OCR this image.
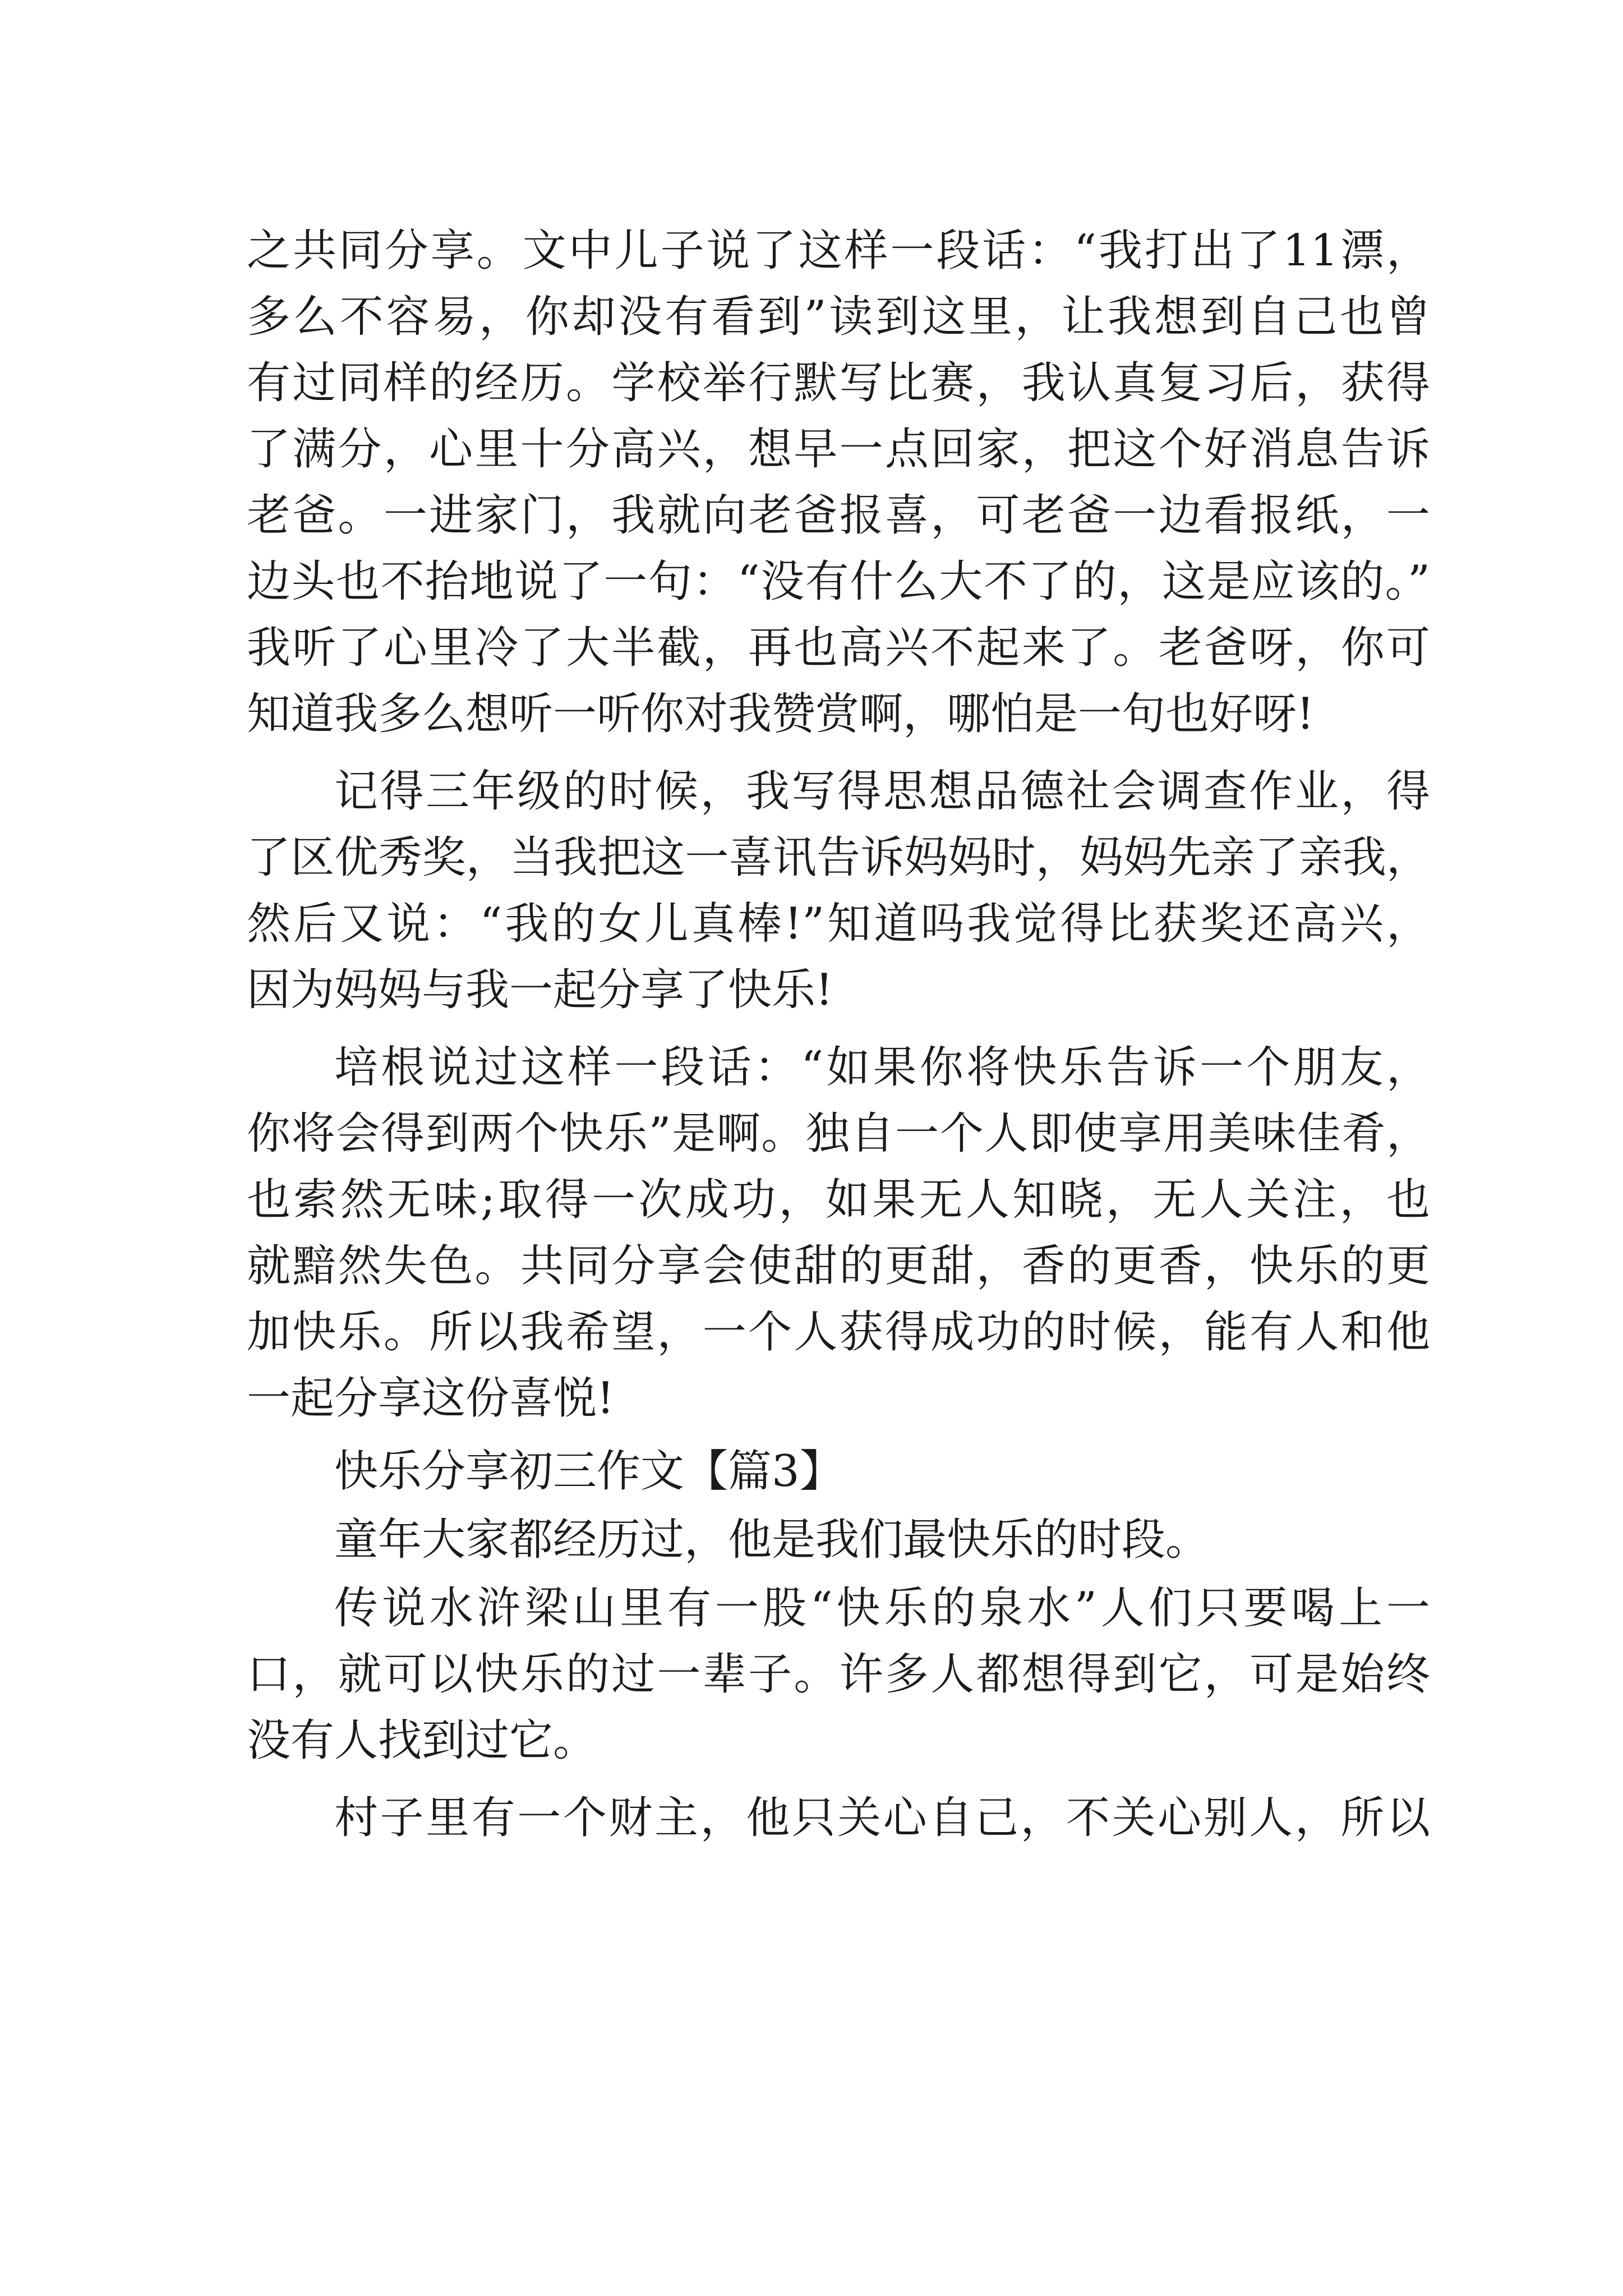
之共同分享。文中儿子说了这样一段话：“我打出了11漂，
多么不容易，你却没有看到”读到这里，让我想到自己也曾
有过同样的经历。学校举行默写比赛，我认真复习后，获得
了满分，心里十分高兴，想早一点回家，把这个好消息告诉
老爸。一进家门，我就向老爸报喜，可老爸一边看报纸，一
边头也不抬地说了一句：“没有什么大不了的，这是应该的。”
我听了心里冷了大半截，再也高兴不起来了。老爸呀，你可
知道我多么想听一听你对我赞赏啊，哪怕是一句也好呀!
记得三年级的时候，我写得思想品德社会调查作业，得
了区优秀奖，当我把这一喜讯告诉妈妈时，妈妈先亲了亲我，
然后又说：“我的女儿真棒!”知道吗我觉得比获奖还高兴，
因为妈妈与我一起分享了快乐!
培根说过这样一段话：“如果你将快乐告诉一个朋友，
你将会得到两个快乐”是啊。独自一个人即使享用美味佳肴，
也索然无味;取得一次成功，如果无人知晓，无人关注，也
就黯然失色。共同分享会使甜的更甜，香的更香，快乐的更
加快乐。所以我希望，一个人获得成功的时候，能有人和他
一起分享这份喜悦!
快乐分享初三作文【篇3】
童年大家都经历过，他是我们最快乐的时段。
传说水浒梁山里有一股“快乐的泉水”人们只要喝上一
口，就可以快乐的过一辈子。许多人都想得到它，可是始终
没有人找到过它。
村子里有一个财主，他只关心自己，不关心别人，所以
